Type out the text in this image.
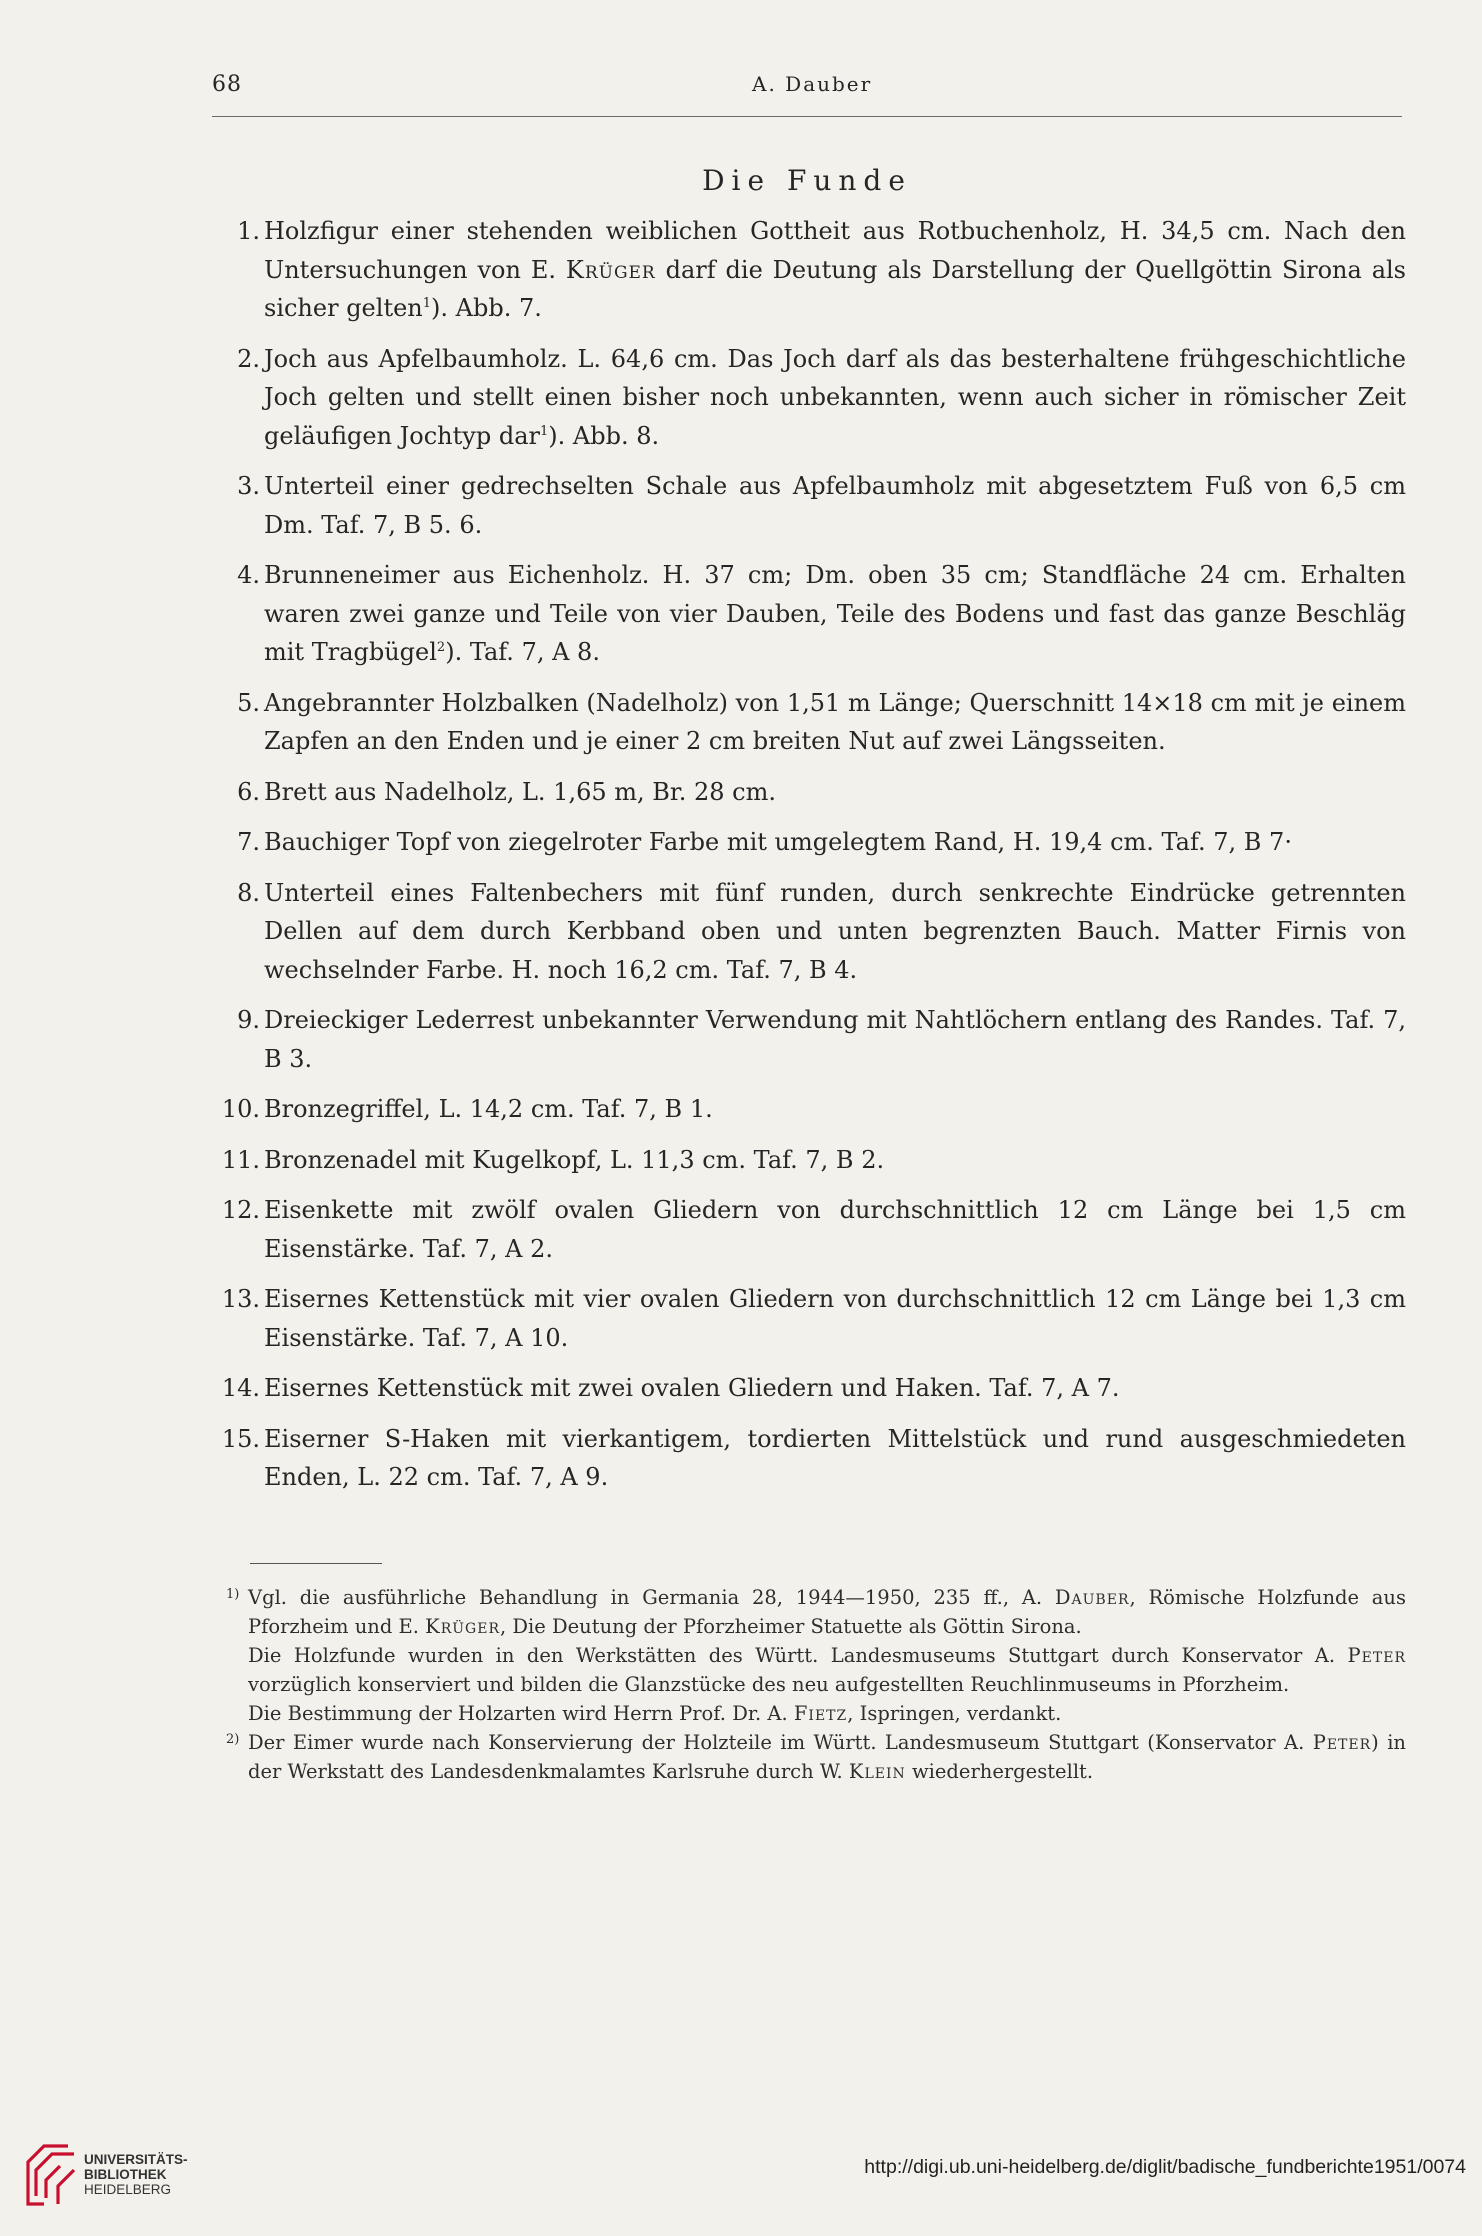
68	A. Dauber
Die Funde
1. Holzfigur einer stehenden weiblichen Gottheit aus Rotbuchenholz, H. 34,5 cm. Nach den Untersuchungen von E. Krüger darf die Deutung als Darstellung der Quellgöttin Sirona als sicher gelten$^1$). Abb. 7.
2. Joch aus Apfelbaumholz. L. 64,6 cm. Das Joch darf als das besterhaltene frühgeschichtliche Joch gelten und stellt einen bisher noch unbekannten, wenn auch sicher in römischer Zeit geläufigen Jochtyp dar$^1$). Abb. 8.
3. Unterteil einer gedrechselten Schale aus Apfelbaumholz mit abgesetztem Fuß von 6,5 cm Dm. Taf. 7, B 5. 6.
4. Brunneneimer aus Eichenholz. H. 37 cm; Dm. oben 35 cm; Standfläche 24 cm. Erhalten waren zwei ganze und Teile von vier Dauben, Teile des Bodens und fast das ganze Beschläg mit Tragbügel$^2$). Taf. 7, A 8.
5. Angebrannter Holzbalken (Nadelholz) von 1,51 m Länge; Querschnitt 14×18 cm mit je einem Zapfen an den Enden und je einer 2 cm breiten Nut auf zwei Längsseiten.
6. Brett aus Nadelholz, L. 1,65 m, Br. 28 cm.
7. Bauchiger Topf von ziegelroter Farbe mit umgelegtem Rand, H. 19,4 cm. Taf. 7, B 7·
8. Unterteil eines Faltenbechers mit fünf runden, durch senkrechte Eindrücke getrennten Dellen auf dem durch Kerbband oben und unten begrenzten Bauch. Matter Firnis von wechselnder Farbe. H. noch 16,2 cm. Taf. 7, B 4.
9. Dreieckiger Lederrest unbekannter Verwendung mit Nahtlöchern entlang des Randes. Taf. 7, B 3.
10. Bronzegriffel, L. 14,2 cm. Taf. 7, B 1.
11. Bronzenadel mit Kugelkopf, L. 11,3 cm. Taf. 7, B 2.
12. Eisenkette mit zwölf ovalen Gliedern von durchschnittlich 12 cm Länge bei 1,5 cm Eisenstärke. Taf. 7, A 2.
13. Eisernes Kettenstück mit vier ovalen Gliedern von durchschnittlich 12 cm Länge bei 1,3 cm Eisenstärke. Taf. 7, A 10.
14. Eisernes Kettenstück mit zwei ovalen Gliedern und Haken. Taf. 7, A 7.
15. Eiserner S-Haken mit vierkantigem, tordierten Mittelstück und rund ausgeschmiedeten Enden, L. 22 cm. Taf. 7, A 9.

1) Vgl. die ausführliche Behandlung in Germania 28, 1944—1950, 235 ff., A. Dauber, Römische Holzfunde aus Pforzheim und E. Krüger, Die Deutung der Pforzheimer Statuette als Göttin Sirona.

Die Holzfunde wurden in den Werkstätten des Württ. Landesmuseums Stuttgart durch Konservator A. Peter vorzüglich konserviert und bilden die Glanzstücke des neu aufgestellten Reuchlinmuseums in Pforzheim.

Die Bestimmung der Holzarten wird Herrn Prof. Dr. A. Fietz, Ispringen, verdankt.

2) Der Eimer wurde nach Konservierung der Holzteile im Württ. Landesmuseum Stuttgart (Konservator A. Peter) in der Werkstatt des Landesdenkmalamtes Karlsruhe durch W. Klein wiederhergestellt.

UNIVERSITÄTS-
BIBLIOTHEK
HEIDELBERG
http://digi.ub.uni-heidelberg.de/diglit/badische_fundberichte1951/0074
